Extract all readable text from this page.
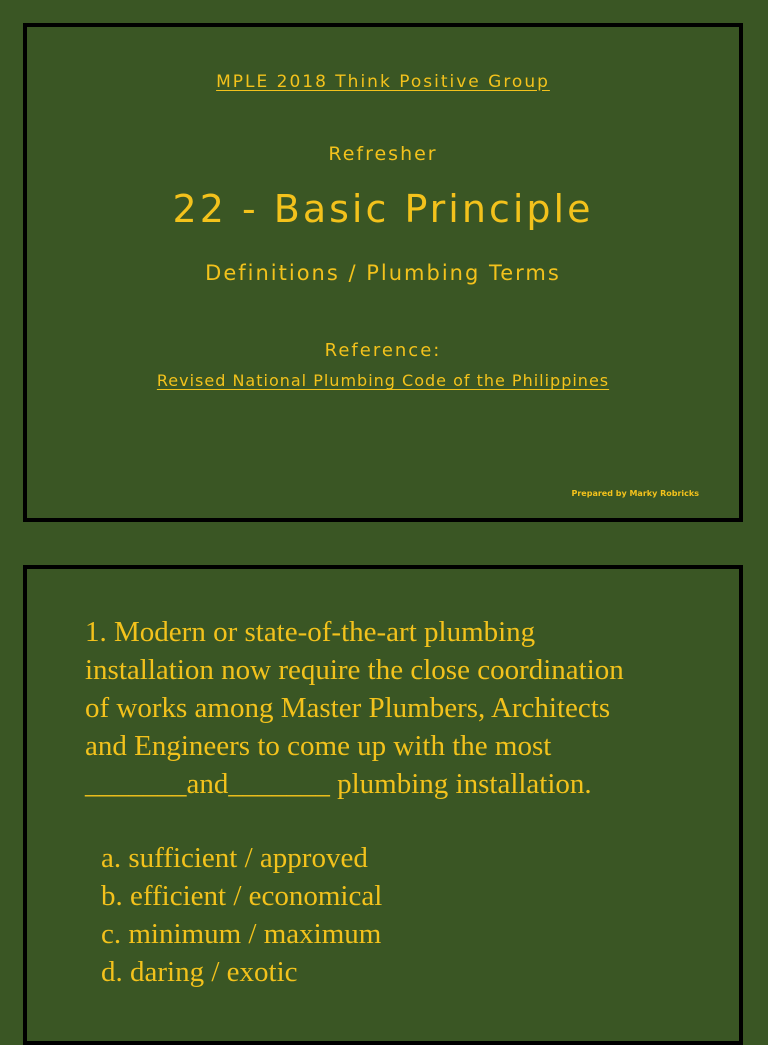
MPLE 2018 Think Positive Group
Refresher
22 - Basic Principle
Definitions / Plumbing Terms
Reference:
Revised National Plumbing Code of the Philippines
Prepared by Marky Robricks
1. Modern or state-of-the-art plumbing
installation now require the close coordination
of works among Master Plumbers, Architects
and Engineers to come up with the most
_______and_______ plumbing installation.
a. sufficient / approved
b. efficient / economical
c. minimum / maximum
d. daring / exotic
